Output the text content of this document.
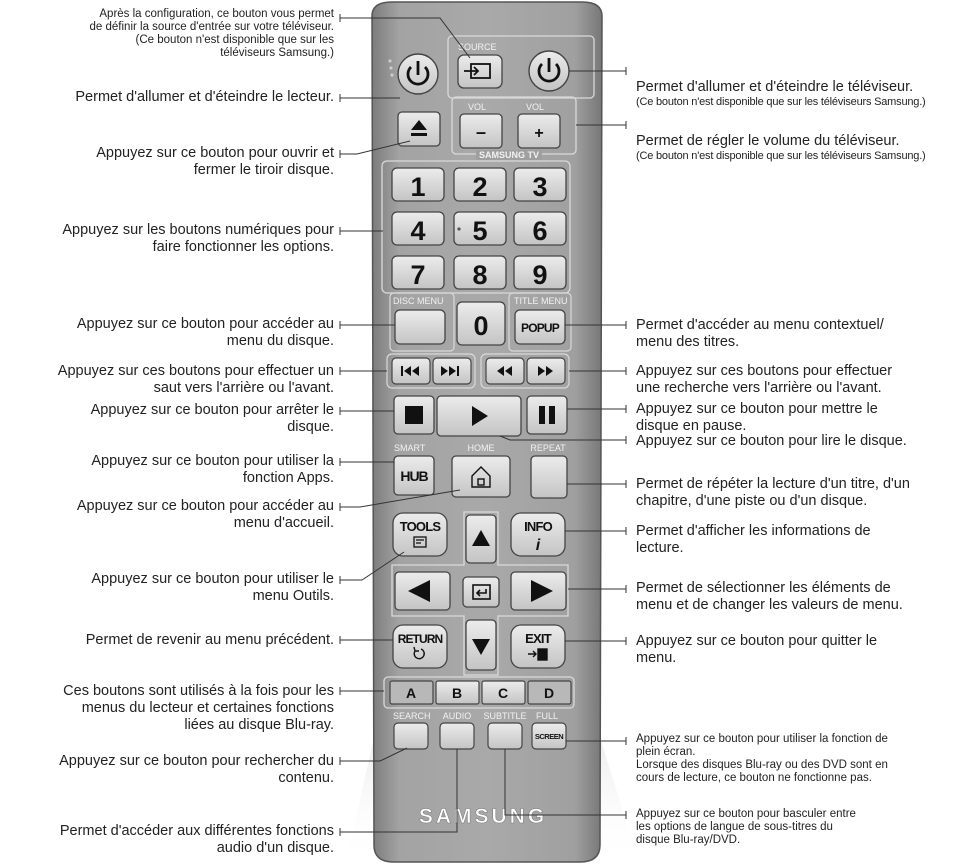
SOURCE
VOL	VOL
–	+
SAMSUNG TV
1 2 3
4 5 6
7 8 9
DISC MENU
0
TITLE MENU
POPUP
SMART
HUB
HOME	REPEAT
TOOLS	INFO
i
RETURN	EXIT
A	B	C	D
SEARCH AUDIO SUBTITLE FULL
SCREEN
SAMSUNG
Après la configuration, ce bouton vous permet
de définir la source d'entrée sur votre téléviseur.
(Ce bouton n'est disponible que sur les
téléviseurs Samsung.)
Permet d'allumer et d'éteindre le lecteur.
Appuyez sur ce bouton pour ouvrir et
fermer le tiroir disque.
Appuyez sur les boutons numériques pour
faire fonctionner les options.
Appuyez sur ce bouton pour accéder au
menu du disque.
Appuyez sur ces boutons pour effectuer un
saut vers l'arrière ou l'avant.
Appuyez sur ce bouton pour arrêter le
disque.
Appuyez sur ce bouton pour utiliser la
fonction Apps.
Appuyez sur ce bouton pour accéder au
menu d'accueil.
Appuyez sur ce bouton pour utiliser le
menu Outils.
Permet de revenir au menu précédent.
Ces boutons sont utilisés à la fois pour les
menus du lecteur et certaines fonctions
liées au disque Blu-ray.
Appuyez sur ce bouton pour rechercher du
contenu.
Permet d'accéder aux différentes fonctions
audio d'un disque.

Permet d'allumer et d'éteindre le téléviseur.

(Ce bouton n'est disponible que sur les téléviseurs Samsung.)

Permet de régler le volume du téléviseur.

(Ce bouton n'est disponible que sur les téléviseurs Samsung.)

Permet d'accéder au menu contextuel/
menu des titres.
Appuyez sur ces boutons pour effectuer
une recherche vers l'arrière ou l'avant.
Appuyez sur ce bouton pour mettre le
disque en pause.
Appuyez sur ce bouton pour lire le disque.
Permet de répéter la lecture d'un titre, d'un
chapitre, d'une piste ou d'un disque.
Permet d'afficher les informations de
lecture.
Permet de sélectionner les éléments de
menu et de changer les valeurs de menu.
Appuyez sur ce bouton pour quitter le
menu.
Appuyez sur ce bouton pour utiliser la fonction de
plein écran.
Lorsque des disques Blu-ray ou des DVD sont en
cours de lecture, ce bouton ne fonctionne pas.
Appuyez sur ce bouton pour basculer entre
les options de langue de sous-titres du
disque Blu-ray/DVD.
